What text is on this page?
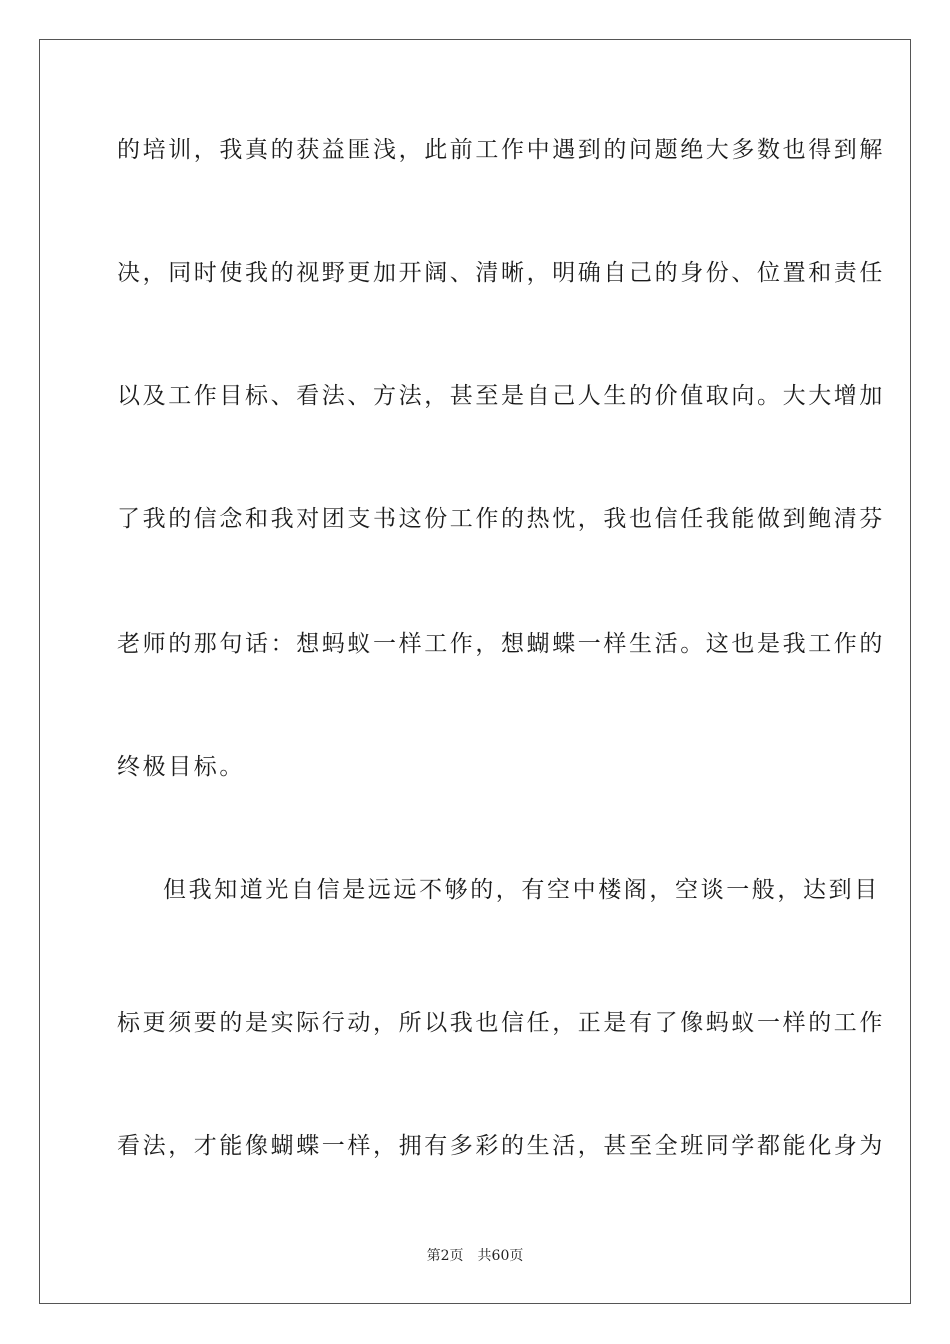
的培训，我真的获益匪浅，此前工作中遇到的问题绝大多数也得到解

决，同时使我的视野更加开阔、清晰，明确自己的身份、位置和责任

以及工作目标、看法、方法，甚至是自己人生的价值取向。大大增加

了我的信念和我对团支书这份工作的热忱，我也信任我能做到鲍清芬

老师的那句话：想蚂蚁一样工作，想蝴蝶一样生活。这也是我工作的

终极目标。

但我知道光自信是远远不够的，有空中楼阁，空谈一般，达到目

标更须要的是实际行动，所以我也信任，正是有了像蚂蚁一样的工作

看法，才能像蝴蝶一样，拥有多彩的生活，甚至全班同学都能化身为

第2页 共60页
